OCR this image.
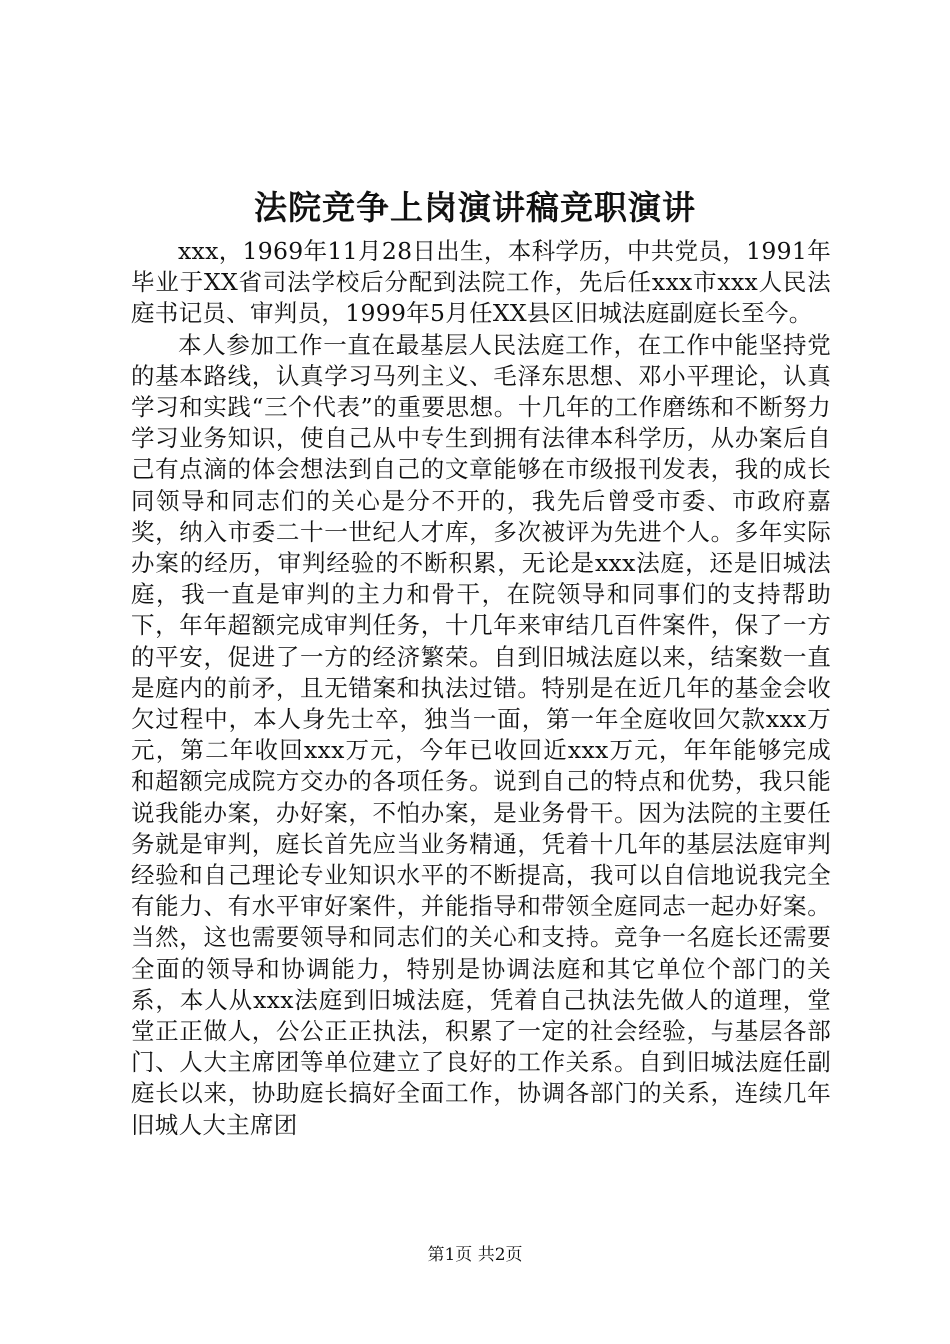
法院竞争上岗演讲稿竞职演讲

xxx，1969年11月28日出生，本科学历，中共党员，1991年毕业于XX省司法学校后分配到法院工作，先后任xxx市xxx人民法庭书记员、审判员，1999年5月任XX县区旧城法庭副庭长至今。

本人参加工作一直在最基层人民法庭工作，在工作中能坚持党的基本路线，认真学习马列主义、毛泽东思想、邓小平理论，认真学习和实践“三个代表”的重要思想。十几年的工作磨练和不断努力学习业务知识，使自己从中专生到拥有法律本科学历，从办案后自己有点滴的体会想法到自己的文章能够在市级报刊发表，我的成长同领导和同志们的关心是分不开的，我先后曾受市委、市政府嘉奖，纳入市委二十一世纪人才库，多次被评为先进个人。多年实际办案的经历，审判经验的不断积累，无论是xxx法庭，还是旧城法庭，我一直是审判的主力和骨干，在院领导和同事们的支持帮助下，年年超额完成审判任务，十几年来审结几百件案件，保了一方的平安，促进了一方的经济繁荣。自到旧城法庭以来，结案数一直是庭内的前矛，且无错案和执法过错。特别是在近几年的基金会收欠过程中，本人身先士卒，独当一面，第一年全庭收回欠款xxx万元，第二年收回xxx万元，今年已收回近xxx万元，年年能够完成和超额完成院方交办的各项任务。说到自己的特点和优势，我只能说我能办案，办好案，不怕办案，是业务骨干。因为法院的主要任务就是审判，庭长首先应当业务精通，凭着十几年的基层法庭审判经验和自己理论专业知识水平的不断提高，我可以自信地说我完全有能力、有水平审好案件，并能指导和带领全庭同志一起办好案。当然，这也需要领导和同志们的关心和支持。竞争一名庭长还需要全面的领导和协调能力，特别是协调法庭和其它单位个部门的关系，本人从xxx法庭到旧城法庭，凭着自己执法先做人的道理，堂堂正正做人，公公正正执法，积累了一定的社会经验，与基层各部门、人大主席团等单位建立了良好的工作关系。自到旧城法庭任副庭长以来，协助庭长搞好全面工作，协调各部门的关系，连续几年旧城人大主席团

第1页 共2页
